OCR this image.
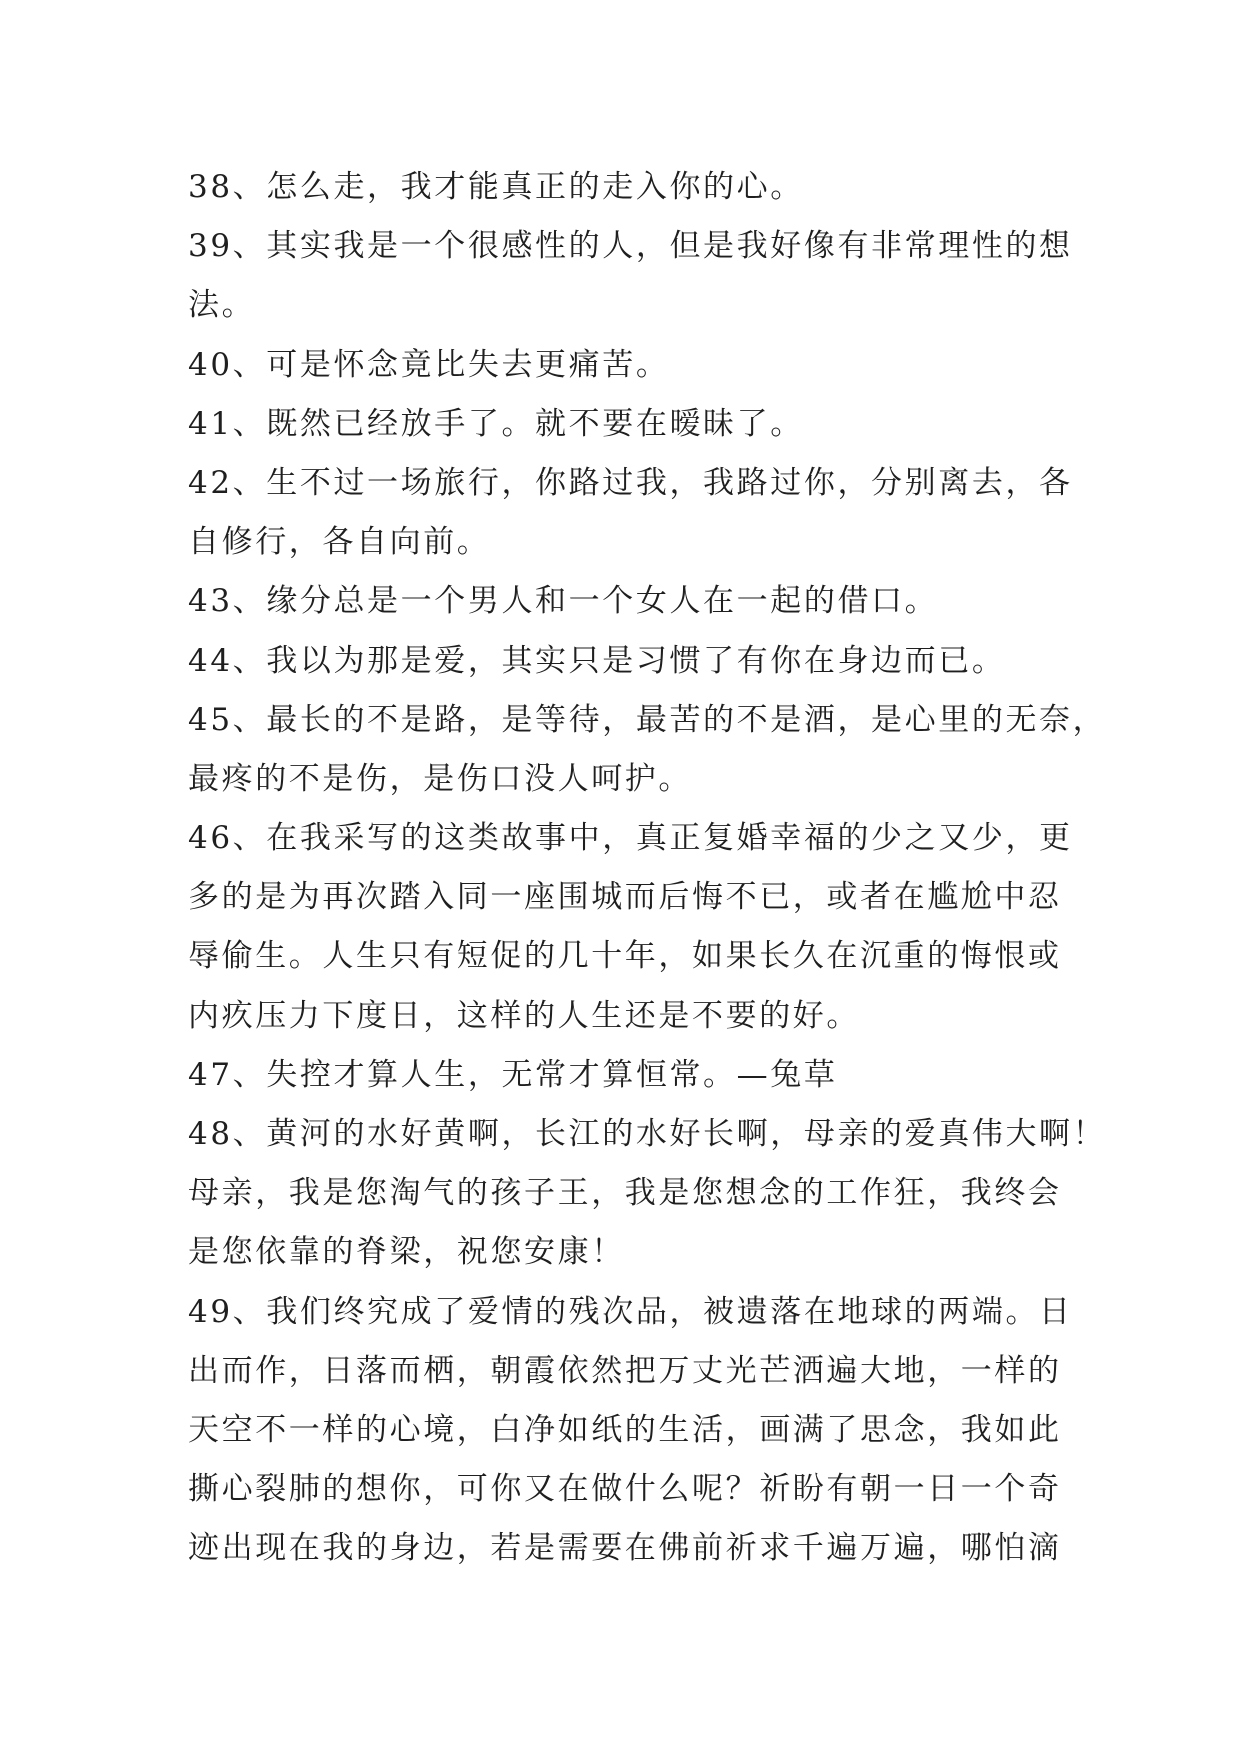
38、怎么走，我才能真正的走入你的心。
39、其实我是一个很感性的人，但是我好像有非常理性的想
法。
40、可是怀念竟比失去更痛苦。
41、既然已经放手了。就不要在暧昧了。
42、生不过一场旅行，你路过我，我路过你，分别离去，各
自修行，各自向前。
43、缘分总是一个男人和一个女人在一起的借口。
44、我以为那是爱，其实只是习惯了有你在身边而已。
45、最长的不是路，是等待，最苦的不是酒，是心里的无奈，
最疼的不是伤，是伤口没人呵护。
46、在我采写的这类故事中，真正复婚幸福的少之又少，更
多的是为再次踏入同一座围城而后悔不已，或者在尴尬中忍
辱偷生。人生只有短促的几十年，如果长久在沉重的悔恨或
内疚压力下度日，这样的人生还是不要的好。
47、失控才算人生，无常才算恒常。—兔草
48、黄河的水好黄啊，长江的水好长啊，母亲的爱真伟大啊！
母亲，我是您淘气的孩子王，我是您想念的工作狂，我终会
是您依靠的脊梁，祝您安康！
49、我们终究成了爱情的残次品，被遗落在地球的两端。日
出而作，日落而栖，朝霞依然把万丈光芒洒遍大地，一样的
天空不一样的心境，白净如纸的生活，画满了思念，我如此
撕心裂肺的想你，可你又在做什么呢？祈盼有朝一日一个奇
迹出现在我的身边，若是需要在佛前祈求千遍万遍，哪怕滴
